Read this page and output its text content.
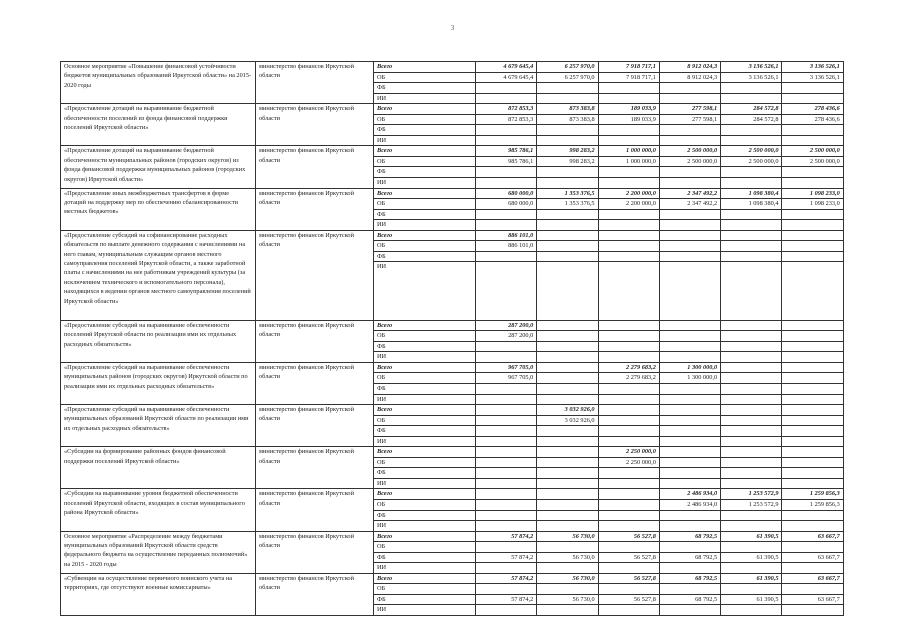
3
Основное мероприятие «Повышение финансовой устойчивости бюджетов муниципальных образований Иркутской области» на 2015-2020 годы	министерство финансов Иркутской области	Всего	4 679 645,4	6 257 970,0	7 918 717,1	8 912 024,3	3 136 526,1	3 136 526,1
		ОБ	4 679 645,4	6 257 970,0	7 918 717,1	8 912 024,3	3 136 526,1	3 136 526,1
		ФБ						
		ИИ						
«Предоставление дотаций на выравнивание бюджетной обеспеченности поселений из фонда финансовой поддержки поселений Иркутской области»	министерство финансов Иркутской области	Всего	872 853,3	873 383,8	189 033,9	277 598,1	284 572,8	278 436,6
		ОБ	872 853,3	873 383,8	189 033,9	277 598,1	284 572,8	278 436,6
		ФБ						
		ИИ						
«Предоставление дотаций на выравнивание бюджетной обеспеченности муниципальных районов (городских округов) из фонда финансовой поддержки муниципальных районов (городских округов) Иркутской области»	министерство финансов Иркутской области	Всего	985 786,1	998 283,2	1 000 000,0	2 500 000,0	2 500 000,0	2 500 000,0
		ОБ	985 786,1	998 283,2	1 000 000,0	2 500 000,0	2 500 000,0	2 500 000,0
		ФБ						
		ИИ						
«Предоставление иных межбюджетных трансфертов в форме дотаций на поддержку мер по обеспечению сбалансированности местных бюджетов»	министерство финансов Иркутской области	Всего	680 000,0	1 353 376,5	2 200 000,0	2 347 492,2	1 098 380,4	1 098 233,0
		ОБ	680 000,0	1 353 376,5	2 200 000,0	2 347 492,2	1 098 380,4	1 098 233,0
		ФБ						
		ИИ						
«Предоставление субсидий на софинансирование расходных обязательств по выплате денежного содержания с начислениями на него главам, муниципальным служащим органов местного самоуправления поселений Иркутской области, а также заработной платы с начислениями на нее работникам учреждений культуры (за исключением технического и вспомогательного персонала), находящихся в ведении органов местного самоуправления поселений Иркутской области»	министерство финансов Иркутской области	Всего	886 101,0					
		ОБ	886 101,0					
		ФБ						
		ИИ						
«Предоставление субсидий на выравнивание обеспеченности поселений Иркутской области по реализации ими их отдельных расходных обязательств»	министерство финансов Иркутской области	Всего	287 200,0					
		ОБ	287 200,0					
		ФБ						
		ИИ						
«Предоставление субсидий на выравнивание обеспеченности муниципальных районов (городских округов) Иркутской области по реализации ими их отдельных расходных обязательств»	министерство финансов Иркутской области	Всего	967 705,0		2 279 683,2	1 300 000,0		
		ОБ	967 705,0		2 279 683,2	1 300 000,0		
		ФБ						
		ИИ						
«Предоставление субсидий на выравнивание обеспеченности муниципальных образований Иркутской области по реализации ими их отдельных расходных обязательств»	министерство финансов Иркутской области	Всего		3 032 926,0				
		ОБ		3 032 926,0				
		ФБ						
		ИИ						
«Субсидии на формирование районных фондов финансовой поддержки поселений Иркутской области»	министерство финансов Иркутской области	Всего			2 250 000,0			
		ОБ			2 250 000,0			
		ФБ						
		ИИ						
«Субсидии на выравнивание уровня бюджетной обеспеченности поселений Иркутской области, входящих в состав муниципального района Иркутской области»	министерство финансов Иркутской области	Всего				2 486 934,0	1 253 572,9	1 259 856,3
		ОБ				2 486 934,0	1 253 572,9	1 259 856,3
		ФБ						
		ИИ						
Основное мероприятие «Распределение между бюджетами муниципальных образований Иркутской области средств федерального бюджета на осуществление переданных полномочий» на 2015 - 2020 годы	министерство финансов Иркутской области	Всего	57 874,2	56 730,0	56 527,8	68 792,5	61 390,5	63 667,7
		ОБ						
		ФБ	57 874,2	56 730,0	56 527,8	68 792,5	61 390,5	63 667,7
		ИИ						
«Субвенции на осуществление первичного воинского учета на территориях, где отсутствуют военные комиссариаты»	министерство финансов Иркутской области	Всего	57 874,2	56 730,0	56 527,8	68 792,5	61 390,5	63 667,7
		ОБ						
		ФБ	57 874,2	56 730,0	56 527,8	68 792,5	61 390,5	63 667,7
		ИИ						
